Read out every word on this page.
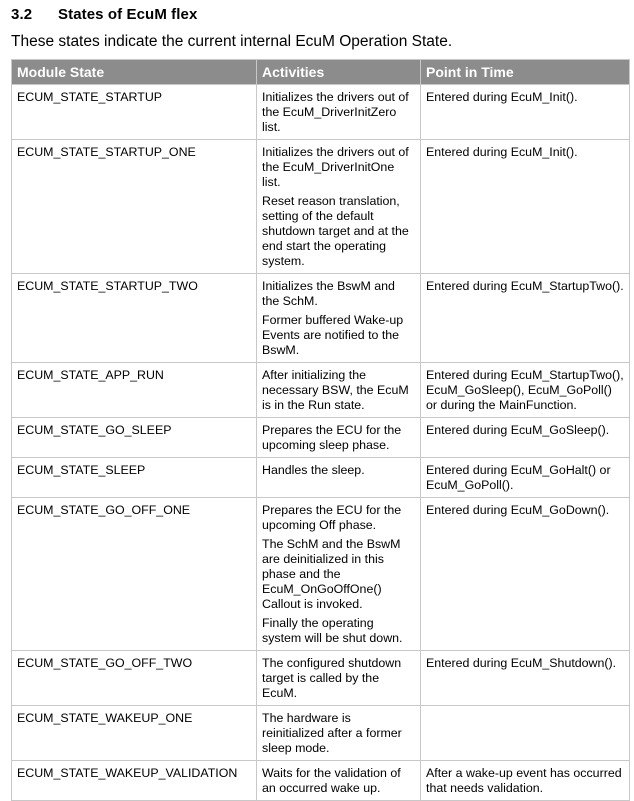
3.2 States of EcuM flex
These states indicate the current internal EcuM Operation State.
Module State	Activities	Point in Time
ECUM_STATE_STARTUP	Initializes the drivers out of the EcuM_DriverInitZero list.	Entered during EcuM_Init().

ECUM_STATE_STARTUP_ONE	Initializes the drivers out of the EcuM_DriverInitOne list.
Reset reason translation, setting of the default shutdown target and at the end start the operating system.	Entered during EcuM_Init().

ECUM_STATE_STARTUP_TWO	Initializes the BswM and the SchM.
Former buffered Wake-up Events are notified to the BswM.	Entered during EcuM_StartupTwo().

ECUM_STATE_APP_RUN	After initializing the necessary BSW, the EcuM is in the Run state.	Entered during EcuM_StartupTwo(), EcuM_GoSleep(), EcuM_GoPoll() or during the MainFunction.

ECUM_STATE_GO_SLEEP	Prepares the ECU for the upcoming sleep phase.	Entered during EcuM_GoSleep().

ECUM_STATE_SLEEP	Handles the sleep.	Entered during EcuM_GoHalt() or EcuM_GoPoll().

ECUM_STATE_GO_OFF_ONE	Prepares the ECU for the upcoming Off phase.
The SchM and the BswM are deinitialized in this phase and the EcuM_OnGoOffOne() Callout is invoked.
Finally the operating system will be shut down.	Entered during EcuM_GoDown().

ECUM_STATE_GO_OFF_TWO	The configured shutdown target is called by the EcuM.	Entered during EcuM_Shutdown().

ECUM_STATE_WAKEUP_ONE	The hardware is reinitialized after a former sleep mode.	

ECUM_STATE_WAKEUP_VALIDATION	Waits for the validation of an occurred wake up.	After a wake-up event has occurred that needs validation.
